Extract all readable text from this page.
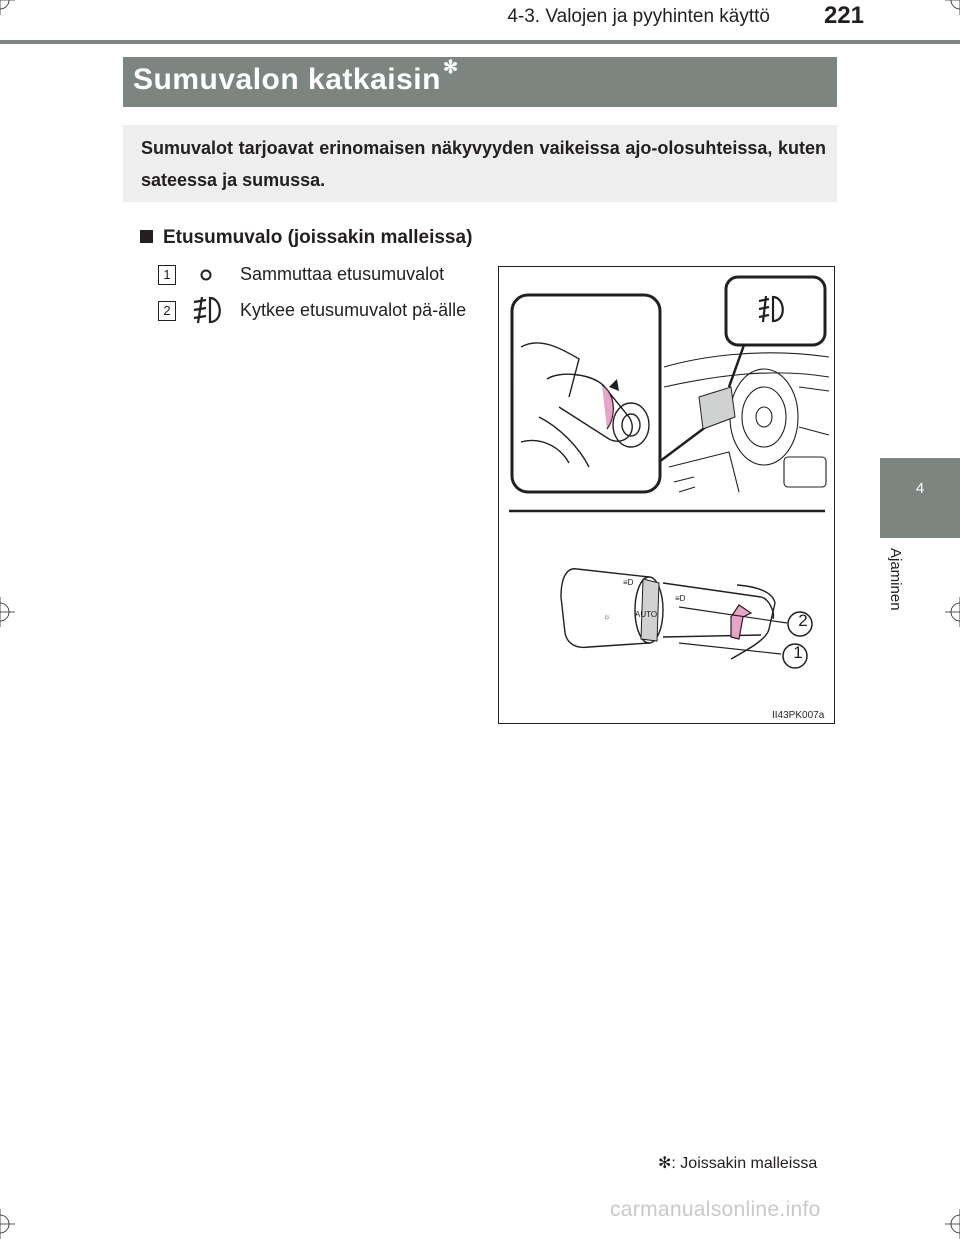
4-3. Valojen ja pyyhinten käyttö 221
4
Ajaminen
Sumuvalon katkaisin ✻
Sumuvalot tarjoavat erinomaisen näkyvyyden vaikeissa ajo-olosuhteissa, kuten sateessa ja sumussa.
Etusumuvalo (joissakin malleissa)
1	Sammuttaa etusumuvalot
2	Kytkee etusumuvalot pä-älle
≡D
☼	AUTO
≡D
2
1
II43PK007a
✻: Joissakin malleissa
carmanualsonline.info
